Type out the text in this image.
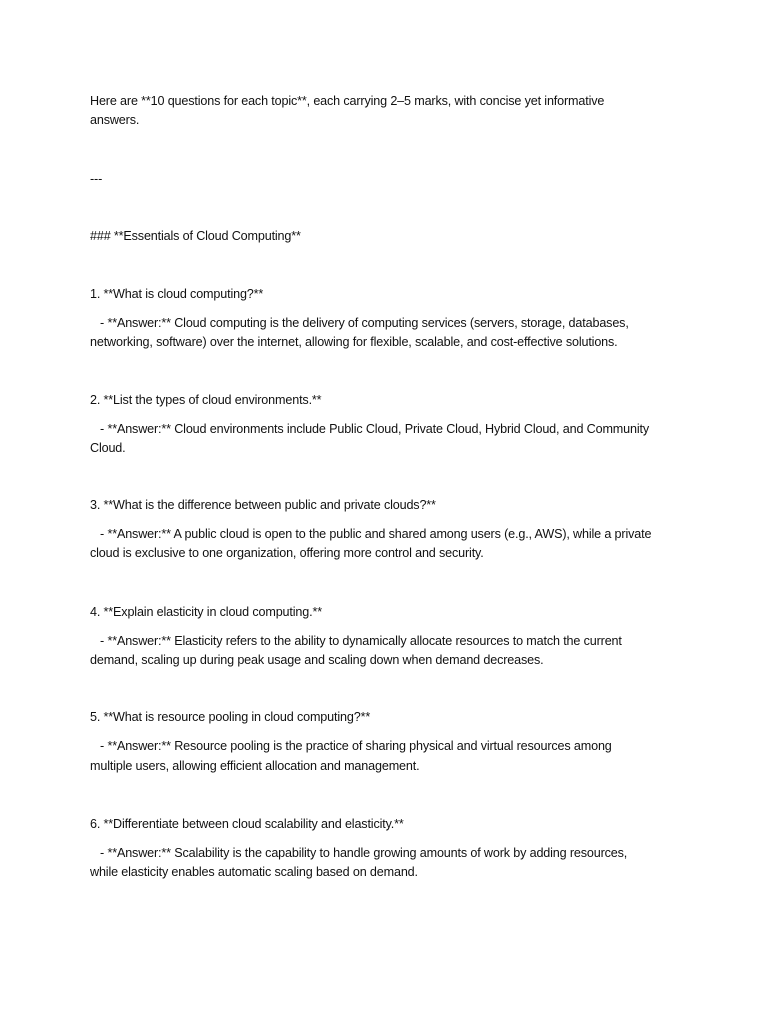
Here are **10 questions for each topic**, each carrying 2–5 marks, with concise yet informative
answers.
---
### **Essentials of Cloud Computing**
1. **What is cloud computing?**
- **Answer:** Cloud computing is the delivery of computing services (servers, storage, databases,
networking, software) over the internet, allowing for flexible, scalable, and cost-effective solutions.
2. **List the types of cloud environments.**
- **Answer:** Cloud environments include Public Cloud, Private Cloud, Hybrid Cloud, and Community
Cloud.
3. **What is the difference between public and private clouds?**
- **Answer:** A public cloud is open to the public and shared among users (e.g., AWS), while a private
cloud is exclusive to one organization, offering more control and security.
4. **Explain elasticity in cloud computing.**
- **Answer:** Elasticity refers to the ability to dynamically allocate resources to match the current
demand, scaling up during peak usage and scaling down when demand decreases.
5. **What is resource pooling in cloud computing?**
- **Answer:** Resource pooling is the practice of sharing physical and virtual resources among
multiple users, allowing efficient allocation and management.
6. **Differentiate between cloud scalability and elasticity.**
- **Answer:** Scalability is the capability to handle growing amounts of work by adding resources,
while elasticity enables automatic scaling based on demand.
